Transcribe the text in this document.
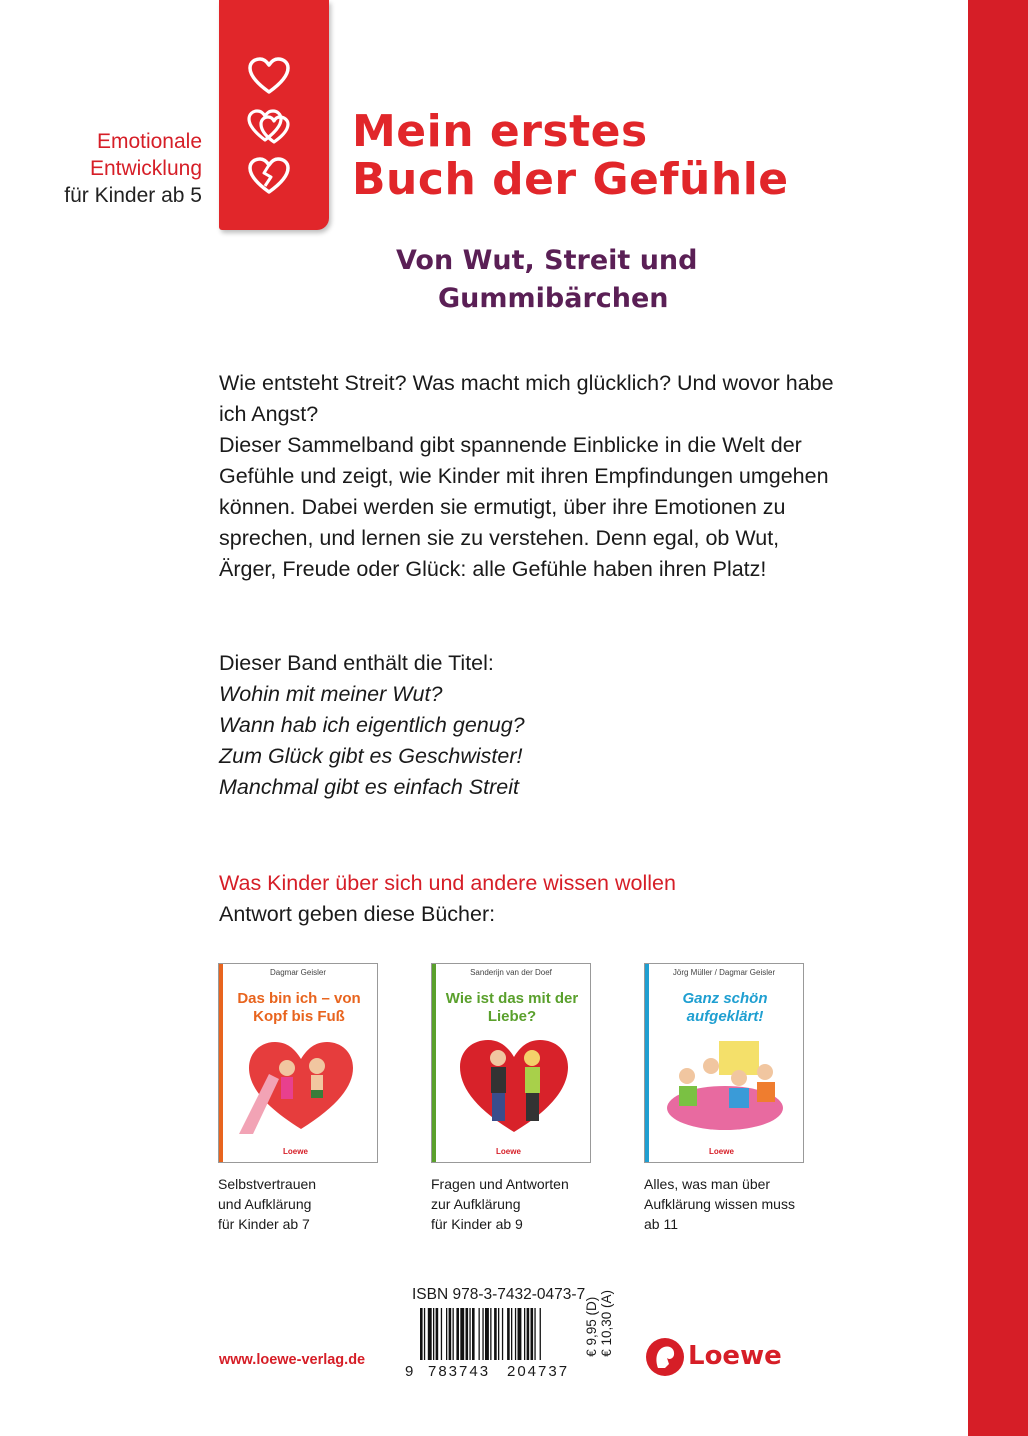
Emotionale
Entwicklung
für Kinder ab 5
Mein erstes
Buch der Gefühle
Von Wut, Streit und
Gummibärchen

Wie entsteht Streit? Was macht mich glücklich? Und wovor habe ich Angst?

Dieser Sammelband gibt spannende Einblicke in die Welt der Gefühle und zeigt, wie Kinder mit ihren Empfindungen umgehen können. Dabei werden sie ermutigt, über ihre Emotionen zu sprechen, und lernen sie zu verstehen. Denn egal, ob Wut, Ärger, Freude oder Glück: alle Gefühle haben ihren Platz!

Dieser Band enthält die Titel:
Wohin mit meiner Wut?
Wann hab ich eigentlich genug?
Zum Glück gibt es Geschwister!
Manchmal gibt es einfach Streit
Was Kinder über sich und andere wissen wollen
Antwort geben diese Bücher:
Dagmar Geisler
Das bin ich – von Kopf bis Fuß
Loewe
Selbstvertrauen
und Aufklärung
für Kinder ab 7
Sanderijn van der Doef
Wie ist das mit der Liebe?
Loewe
Fragen und Antworten
zur Aufklärung
für Kinder ab 9
Jörg Müller / Dagmar Geisler
Ganz schön aufgeklärt!
Loewe
Alles, was man über
Aufklärung wissen muss
ab 11
ISBN 978-3-7432-0473-7
9 783743 204737
€ 9,95 (D)
€ 10,30 (A)
www.loewe-verlag.de	Loewe
